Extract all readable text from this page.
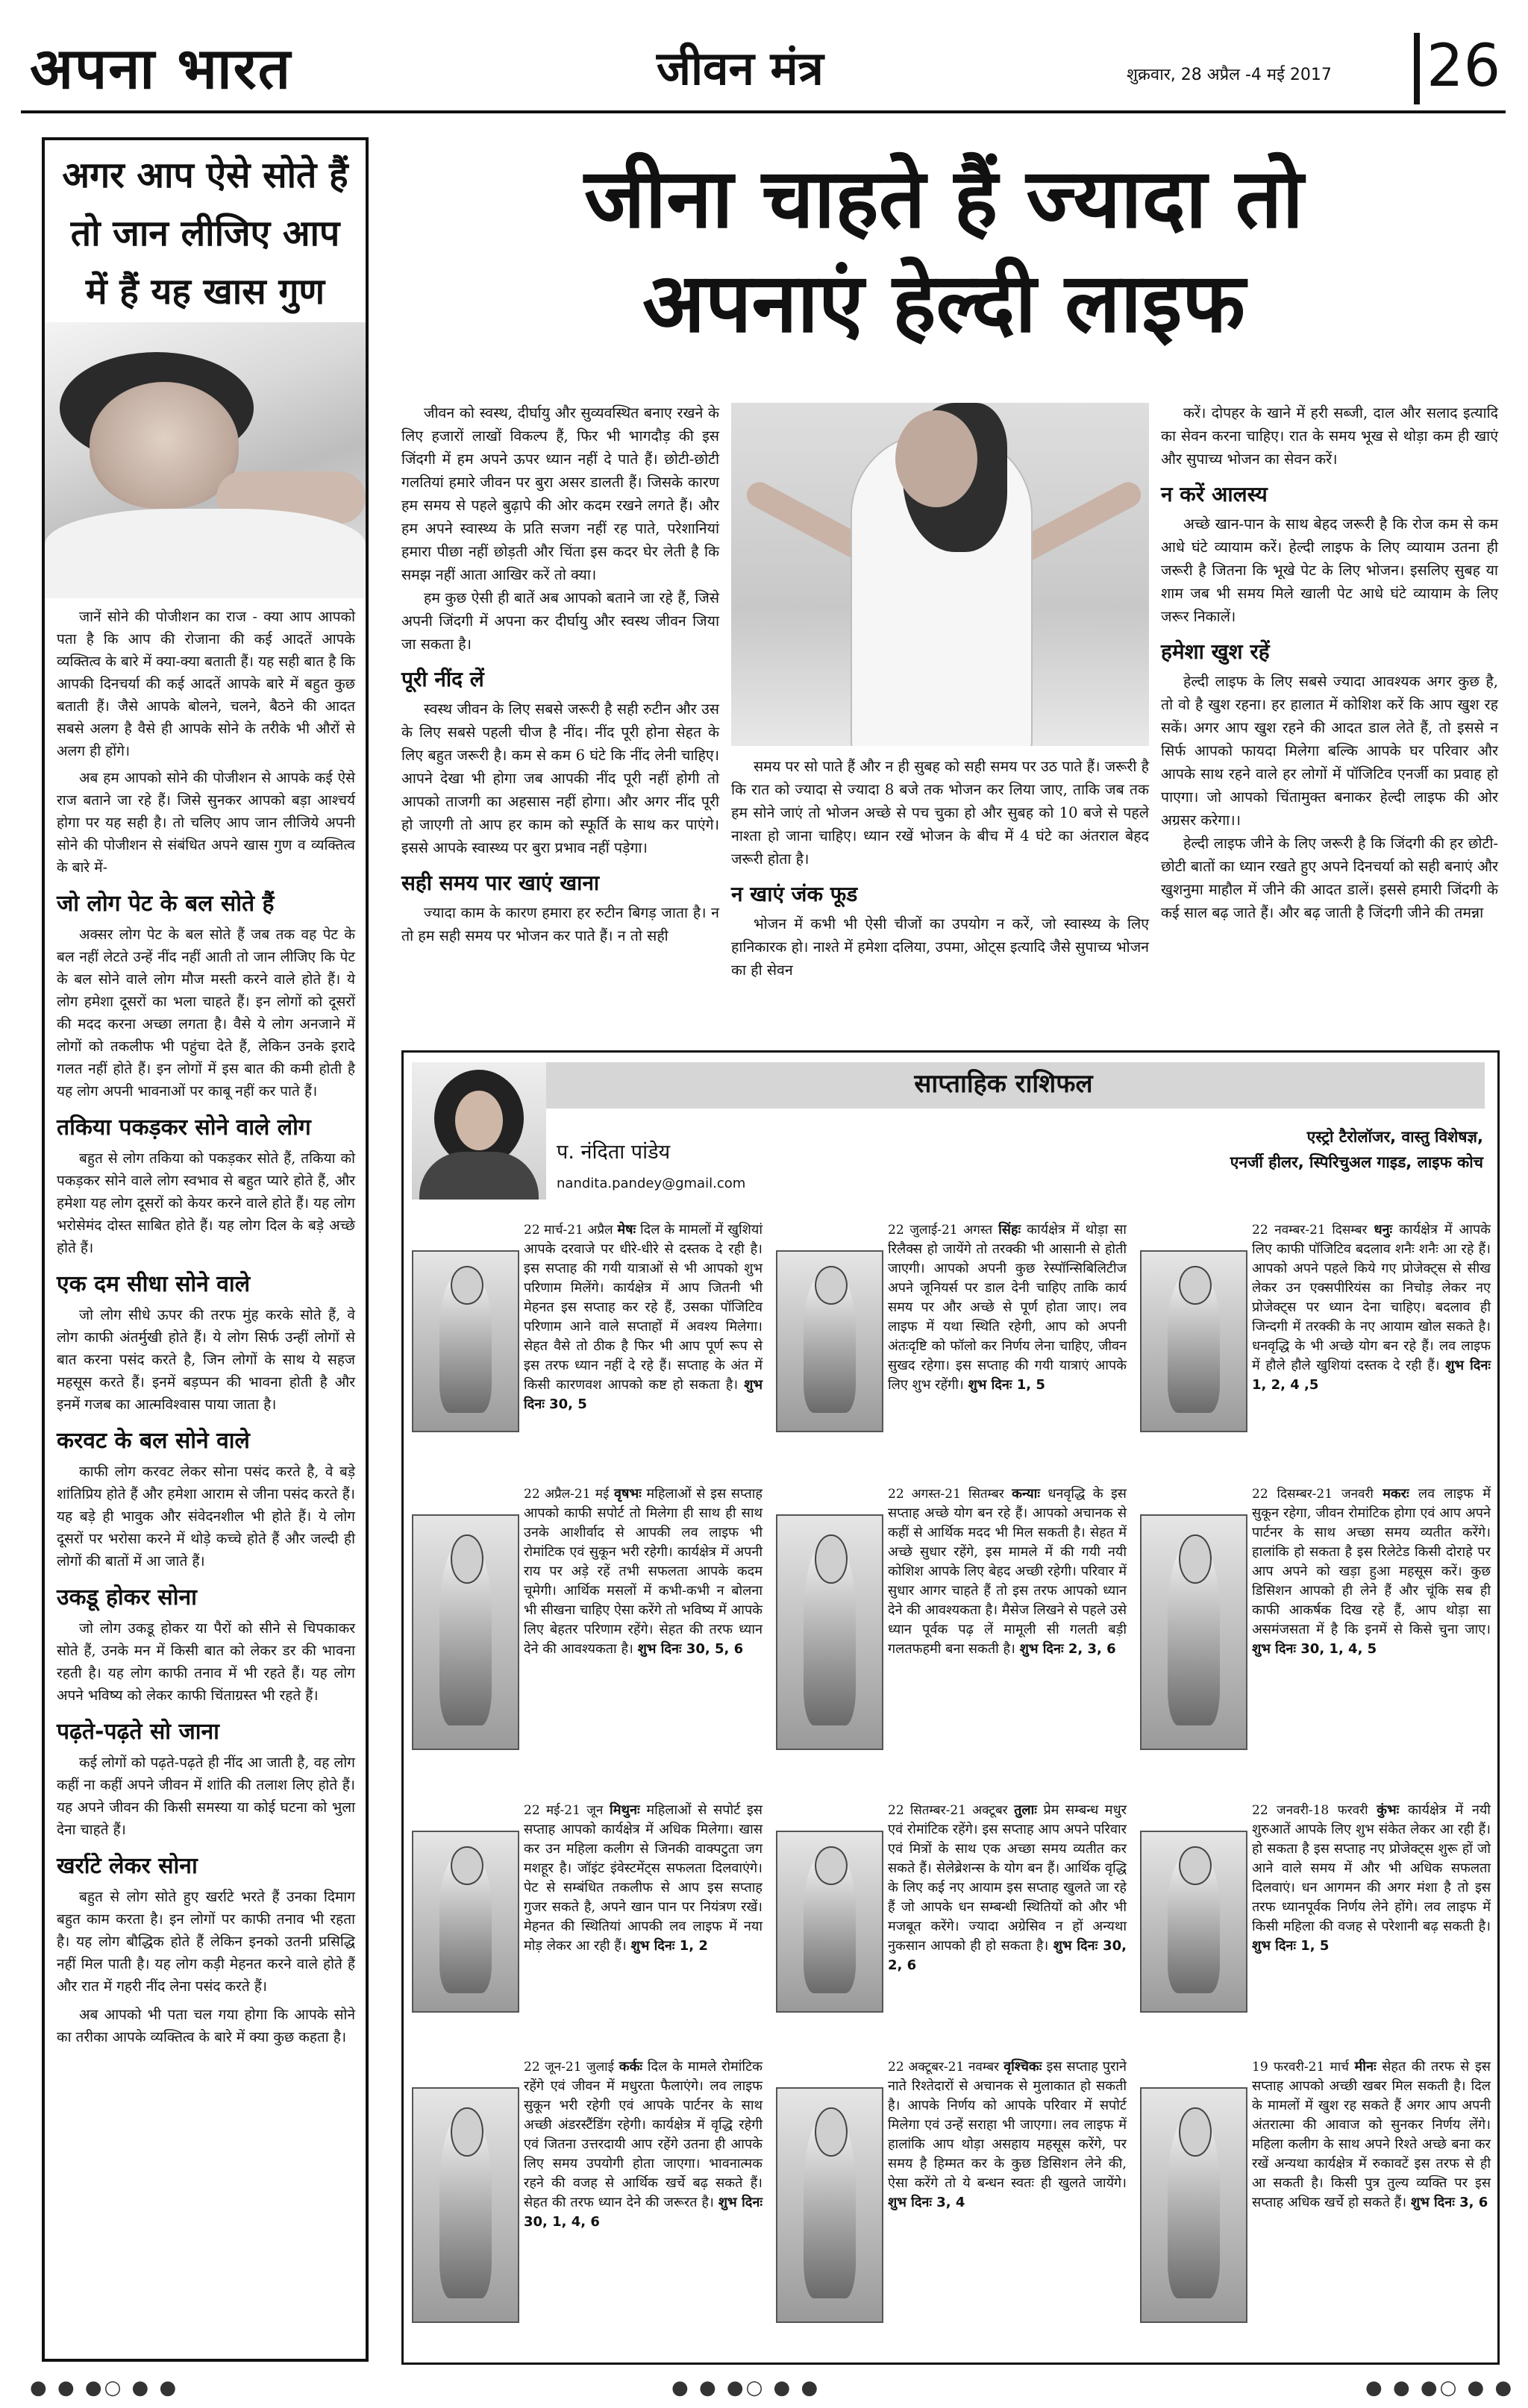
अपना भारत	जीवन मंत्र	शुक्रवार, 28 अप्रैल -4 मई 2017 26
अगर आप ऐसे सोते हैं
तो जान लीजिए आप
में हैं यह खास गुण

जानें सोने की पोजीशन का राज - क्या आप आपको पता है कि आप की रोजाना की कई आदतें आपके व्यक्तित्व के बारे में क्या-क्या बताती हैं। यह सही बात है कि आपकी दिनचर्या की कई आदतें आपके बारे में बहुत कुछ बताती हैं। जैसे आपके बोलने, चलने, बैठने की आदत सबसे अलग है वैसे ही आपके सोने के तरीके भी औरों से अलग ही होंगे।

अब हम आपको सोने की पोजीशन से आपके कई ऐसे राज बताने जा रहे हैं। जिसे सुनकर आपको बड़ा आश्चर्य होगा पर यह सही है। तो चलिए आप जान लीजिये अपनी सोने की पोजीशन से संबंधित अपने खास गुण व व्यक्तित्व के बारे में-

जो लोग पेट के बल सोते हैं

अक्सर लोग पेट के बल सोते हैं जब तक वह पेट के बल नहीं लेटते उन्हें नींद नहीं आती तो जान लीजिए कि पेट के बल सोने वाले लोग मौज मस्ती करने वाले होते हैं। ये लोग हमेशा दूसरों का भला चाहते हैं। इन लोगों को दूसरों की मदद करना अच्छा लगता है। वैसे ये लोग अनजाने में लोगों को तकलीफ भी पहुंचा देते हैं, लेकिन उनके इरादे गलत नहीं होते हैं। इन लोगों में इस बात की कमी होती है यह लोग अपनी भावनाओं पर काबू नहीं कर पाते हैं।

तकिया पकड़कर सोने वाले लोग

बहुत से लोग तकिया को पकड़कर सोते हैं, तकिया को पकड़कर सोने वाले लोग स्वभाव से बहुत प्यारे होते हैं, और हमेशा यह लोग दूसरों को केयर करने वाले होते हैं। यह लोग भरोसेमंद दोस्त साबित होते हैं। यह लोग दिल के बड़े अच्छे होते हैं।

एक दम सीधा सोने वाले

जो लोग सीधे ऊपर की तरफ मुंह करके सोते हैं, वे लोग काफी अंतर्मुखी होते हैं। ये लोग सिर्फ उन्हीं लोगों से बात करना पसंद करते है, जिन लोगों के साथ ये सहज महसूस करते हैं। इनमें बड़प्पन की भावना होती है और इनमें गजब का आत्मविश्वास पाया जाता है।

करवट के बल सोने वाले

काफी लोग करवट लेकर सोना पसंद करते है, वे बड़े शांतिप्रिय होते हैं और हमेशा आराम से जीना पसंद करते हैं। यह बड़े ही भावुक और संवेदनशील भी होते हैं। ये लोग दूसरों पर भरोसा करने में थोड़े कच्चे होते हैं और जल्दी ही लोगों की बातों में आ जाते हैं।

उकडू होकर सोना

जो लोग उकडू होकर या पैरों को सीने से चिपकाकर सोते हैं, उनके मन में किसी बात को लेकर डर की भावना रहती है। यह लोग काफी तनाव में भी रहते हैं। यह लोग अपने भविष्य को लेकर काफी चिंताग्रस्त भी रहते हैं।

पढ़ते-पढ़ते सो जाना

कई लोगों को पढ़ते-पढ़ते ही नींद आ जाती है, वह लोग कहीं ना कहीं अपने जीवन में शांति की तलाश लिए होते हैं। यह अपने जीवन की किसी समस्या या कोई घटना को भुला देना चाहते हैं।

खर्राटे लेकर सोना

बहुत से लोग सोते हुए खर्राटे भरते हैं उनका दिमाग बहुत काम करता है। इन लोगों पर काफी तनाव भी रहता है। यह लोग बौद्धिक होते हैं लेकिन इनको उतनी प्रसिद्धि नहीं मिल पाती है। यह लोग कड़ी मेहनत करने वाले होते हैं और रात में गहरी नींद लेना पसंद करते हैं।

अब आपको भी पता चल गया होगा कि आपके सोने का तरीका आपके व्यक्तित्व के बारे में क्या कुछ कहता है।

जीना चाहते हैं ज्यादा तो
अपनाएं हेल्दी लाइफ

जीवन को स्वस्थ, दीर्घायु और सुव्यवस्थित बनाए रखने के लिए हजारों लाखों विकल्प हैं, फिर भी भागदौड़ की इस जिंदगी में हम अपने ऊपर ध्यान नहीं दे पाते हैं। छोटी-छोटी गलतियां हमारे जीवन पर बुरा असर डालती हैं। जिसके कारण हम समय से पहले बुढ़ापे की ओर कदम रखने लगते हैं। और हम अपने स्वास्थ्य के प्रति सजग नहीं रह पाते, परेशानियां हमारा पीछा नहीं छोड़ती और चिंता इस कदर घेर लेती है कि समझ नहीं आता आखिर करें तो क्या।

हम कुछ ऐसी ही बातें अब आपको बताने जा रहे हैं, जिसे अपनी जिंदगी में अपना कर दीर्घायु और स्वस्थ जीवन जिया जा सकता है।

पूरी नींद लें

स्वस्थ जीवन के लिए सबसे जरूरी है सही रुटीन और उस के लिए सबसे पहली चीज है नींद। नींद पूरी होना सेहत के लिए बहुत जरूरी है। कम से कम 6 घंटे कि नींद लेनी चाहिए। आपने देखा भी होगा जब आपकी नींद पूरी नहीं होगी तो आपको ताजगी का अहसास नहीं होगा। और अगर नींद पूरी हो जाएगी तो आप हर काम को स्फूर्ति के साथ कर पाएंगे। इससे आपके स्वास्थ्य पर बुरा प्रभाव नहीं पड़ेगा।

सही समय पार खाएं खाना

ज्यादा काम के कारण हमारा हर रुटीन बिगड़ जाता है। न तो हम सही समय पर भोजन कर पाते हैं। न तो सही

समय पर सो पाते हैं और न ही सुबह को सही समय पर उठ पाते हैं। जरूरी है कि रात को ज्यादा से ज्यादा 8 बजे तक भोजन कर लिया जाए, ताकि जब तक हम सोने जाएं तो भोजन अच्छे से पच चुका हो और सुबह को 10 बजे से पहले नाश्ता हो जाना चाहिए। ध्यान रखें भोजन के बीच में 4 घंटे का अंतराल बेहद जरूरी होता है।

न खाएं जंक फूड

भोजन में कभी भी ऐसी चीजों का उपयोग न करें, जो स्वास्थ्य के लिए हानिकारक हो। नाश्ते में हमेशा दलिया, उपमा, ओट्स इत्यादि जैसे सुपाच्य भोजन का ही सेवन

करें। दोपहर के खाने में हरी सब्जी, दाल और सलाद इत्यादि का सेवन करना चाहिए। रात के समय भूख से थोड़ा कम ही खाएं और सुपाच्य भोजन का सेवन करें।

न करें आलस्य

अच्छे खान-पान के साथ बेहद जरूरी है कि रोज कम से कम आधे घंटे व्यायाम करें। हेल्दी लाइफ के लिए व्यायाम उतना ही जरूरी है जितना कि भूखे पेट के लिए भोजन। इसलिए सुबह या शाम जब भी समय मिले खाली पेट आधे घंटे व्यायाम के लिए जरूर निकालें।

हमेशा खुश रहें

हेल्दी लाइफ के लिए सबसे ज्यादा आवश्यक अगर कुछ है, तो वो है खुश रहना। हर हालात में कोशिश करें कि आप खुश रह सकें। अगर आप खुश रहने की आदत डाल लेते हैं, तो इससे न सिर्फ आपको फायदा मिलेगा बल्कि आपके घर परिवार और आपके साथ रहने वाले हर लोगों में पॉजिटिव एनर्जी का प्रवाह हो पाएगा। जो आपको चिंतामुक्त बनाकर हेल्दी लाइफ की ओर अग्रसर करेगा।।

हेल्दी लाइफ जीने के लिए जरूरी है कि जिंदगी की हर छोटी-छोटी बातों का ध्यान रखते हुए अपने दिनचर्या को सही बनाएं और खुशनुमा माहौल में जीने की आदत डालें। इससे हमारी जिंदगी के कई साल बढ़ जाते हैं। और बढ़ जाती है जिंदगी जीने की तमन्ना

साप्ताहिक राशिफल
प. नंदिता पांडेय
nandita.pandey@gmail.com
एस्ट्रो टैरोलॉजर, वास्तु विशेषज्ञ,
एनर्जी हीलर, स्पिरिचुअल गाइड, लाइफ कोच

22 मार्च-21 अप्रैल मेषः दिल के मामलों में खुशियां आपके दरवाजे पर धीरे-धीरे से दस्तक दे रही है। इस सप्ताह की गयी यात्राओं से भी आपको शुभ परिणाम मिलेंगे। कार्यक्षेत्र में आप जितनी भी मेहनत इस सप्ताह कर रहे हैं, उसका पॉजिटिव परिणाम आने वाले सप्ताहों में अवश्य मिलेगा। सेहत वैसे तो ठीक है फिर भी आप पूर्ण रूप से इस तरफ ध्यान नहीं दे रहे हैं। सप्ताह के अंत में किसी कारणवश आपको कष्ट हो सकता है। शुभ दिनः 30, 5

22 जुलाई-21 अगस्त सिंहः कार्यक्षेत्र में थोड़ा सा रिलैक्स हो जायेंगे तो तरक्की भी आसानी से होती जाएगी। आपको अपनी कुछ रेस्पॉन्सिबिलिटीज अपने जूनियर्स पर डाल देनी चाहिए ताकि कार्य समय पर और अच्छे से पूर्ण होता जाए। लव लाइफ में यथा स्थिति रहेगी, आप को अपनी अंतःदृष्टि को फॉलो कर निर्णय लेना चाहिए, जीवन सुखद रहेगा। इस सप्ताह की गयी यात्राएं आपके लिए शुभ रहेंगी। शुभ दिनः 1, 5

22 नवम्बर-21 दिसम्बर धनुः कार्यक्षेत्र में आपके लिए काफी पॉजिटिव बदलाव शनैः शनैः आ रहे हैं। आपको अपने पहले किये गए प्रोजेक्ट्स से सीख लेकर उन एक्सपीरियंस का निचोड़ लेकर नए प्रोजेक्ट्स पर ध्यान देना चाहिए। बदलाव ही जिन्दगी में तरक्की के नए आयाम खोल सकते है। धनवृद्धि के भी अच्छे योग बन रहे हैं। लव लाइफ में हौले हौले खुशियां दस्तक दे रही हैं। शुभ दिनः 1, 2, 4 ,5

22 अप्रैल-21 मई वृषभः महिलाओं से इस सप्ताह आपको काफी सपोर्ट तो मिलेगा ही साथ ही साथ उनके आशीर्वाद से आपकी लव लाइफ भी रोमांटिक एवं सुकून भरी रहेगी। कार्यक्षेत्र में अपनी राय पर अड़े रहें तभी सफलता आपके कदम चूमेगी। आर्थिक मसलों में कभी-कभी न बोलना भी सीखना चाहिए ऐसा करेंगे तो भविष्य में आपके लिए बेहतर परिणाम रहेंगे। सेहत की तरफ ध्यान देने की आवश्यकता है। शुभ दिनः 30, 5, 6

22 अगस्त-21 सितम्बर कन्याः धनवृद्धि के इस सप्ताह अच्छे योग बन रहे हैं। आपको अचानक से कहीं से आर्थिक मदद भी मिल सकती है। सेहत में अच्छे सुधार रहेंगे, इस मामले में की गयी नयी कोशिश आपके लिए बेहद अच्छी रहेगी। परिवार में सुधार आगर चाहते हैं तो इस तरफ आपको ध्यान देने की आवश्यकता है। मैसेज लिखने से पहले उसे ध्यान पूर्वक पढ़ लें मामूली सी गलती बड़ी गलतफहमी बना सकती है। शुभ दिनः 2, 3, 6

22 दिसम्बर-21 जनवरी मकरः लव लाइफ में सुकून रहेगा, जीवन रोमांटिक होगा एवं आप अपने पार्टनर के साथ अच्छा समय व्यतीत करेंगे। हालांकि हो सकता है इस रिलेटेड किसी दोराहे पर आप अपने को खड़ा हुआ महसूस करें। कुछ डिसिशन आपको ही लेने हैं और चूंकि सब ही काफी आकर्षक दिख रहे हैं, आप थोड़ा सा असमंजसता में है कि इनमें से किसे चुना जाए। शुभ दिनः 30, 1, 4, 5

22 मई-21 जून मिथुनः महिलाओं से सपोर्ट इस सप्ताह आपको कार्यक्षेत्र में अधिक मिलेगा। खास कर उन महिला कलीग से जिनकी वाक्पटुता जग मशहूर है। जॉइंट इंवेस्टमेंट्स सफलता दिलवाएंगे। पेट से सम्बंधित तकलीफ से आप इस सप्ताह गुजर सकते है, अपने खान पान पर नियंत्रण रखें। मेहनत की स्थितियां आपकी लव लाइफ में नया मोड़ लेकर आ रही हैं। शुभ दिनः 1, 2

22 सितम्बर-21 अक्टूबर तुलाः प्रेम सम्बन्ध मधुर एवं रोमांटिक रहेंगे। इस सप्ताह आप अपने परिवार एवं मित्रों के साथ एक अच्छा समय व्यतीत कर सकते हैं। सेलेब्रेशन्स के योग बन हैं। आर्थिक वृद्धि के लिए कई नए आयाम इस सप्ताह खुलते जा रहे हैं जो आपके धन सम्बन्धी स्थितियों को और भी मजबूत करेंगे। ज्यादा अग्रेसिव न हों अन्यथा नुकसान आपको ही हो सकता है। शुभ दिनः 30, 2, 6

22 जनवरी-18 फरवरी कुंभः कार्यक्षेत्र में नयी शुरुआतें आपके लिए शुभ संकेत लेकर आ रही हैं। हो सकता है इस सप्ताह नए प्रोजेक्ट्स शुरू हों जो आने वाले समय में और भी अधिक सफलता दिलवाएं। धन आगमन की अगर मंशा है तो इस तरफ ध्यानपूर्वक निर्णय लेने होंगे। लव लाइफ में किसी महिला की वजह से परेशानी बढ़ सकती है। शुभ दिनः 1, 5

22 जून-21 जुलाई कर्कः दिल के मामले रोमांटिक रहेंगे एवं जीवन में मधुरता फैलाएंगे। लव लाइफ सुकून भरी रहेगी एवं आपके पार्टनर के साथ अच्छी अंडरस्टैंडिंग रहेगी। कार्यक्षेत्र में वृद्धि रहेगी एवं जितना उत्तरदायी आप रहेंगे उतना ही आपके लिए समय उपयोगी होता जाएगा। भावनात्मक रहने की वजह से आर्थिक खर्चे बढ़ सकते हैं। सेहत की तरफ ध्यान देने की जरूरत है। शुभ दिनः 30, 1, 4, 6

22 अक्टूबर-21 नवम्बर वृश्चिकः इस सप्ताह पुराने नाते रिश्तेदारों से अचानक से मुलाकात हो सकती है। आपके निर्णय को आपके परिवार में सपोर्ट मिलेगा एवं उन्हें सराहा भी जाएगा। लव लाइफ में हालांकि आप थोड़ा असहाय महसूस करेंगे, पर समय है हिम्मत कर के कुछ डिसिशन लेने की, ऐसा करेंगे तो ये बन्धन स्वतः ही खुलते जायेंगे। शुभ दिनः 3, 4

19 फरवरी-21 मार्च मीनः सेहत की तरफ से इस सप्ताह आपको अच्छी खबर मिल सकती है। दिल के मामलों में खुश रह सकते हैं अगर आप अपनी अंतरात्मा की आवाज को सुनकर निर्णय लेंगे। महिला कलीग के साथ अपने रिश्ते अच्छे बना कर रखें अन्यथा कार्यक्षेत्र में रुकावटें इस तरफ से ही आ सकती है। किसी पुत्र तुल्य व्यक्ति पर इस सप्ताह अधिक खर्चे हो सकते हैं। शुभ दिनः 3, 6

● ● ●○ ● ●	● ● ●○ ● ●	● ● ●○ ● ●
